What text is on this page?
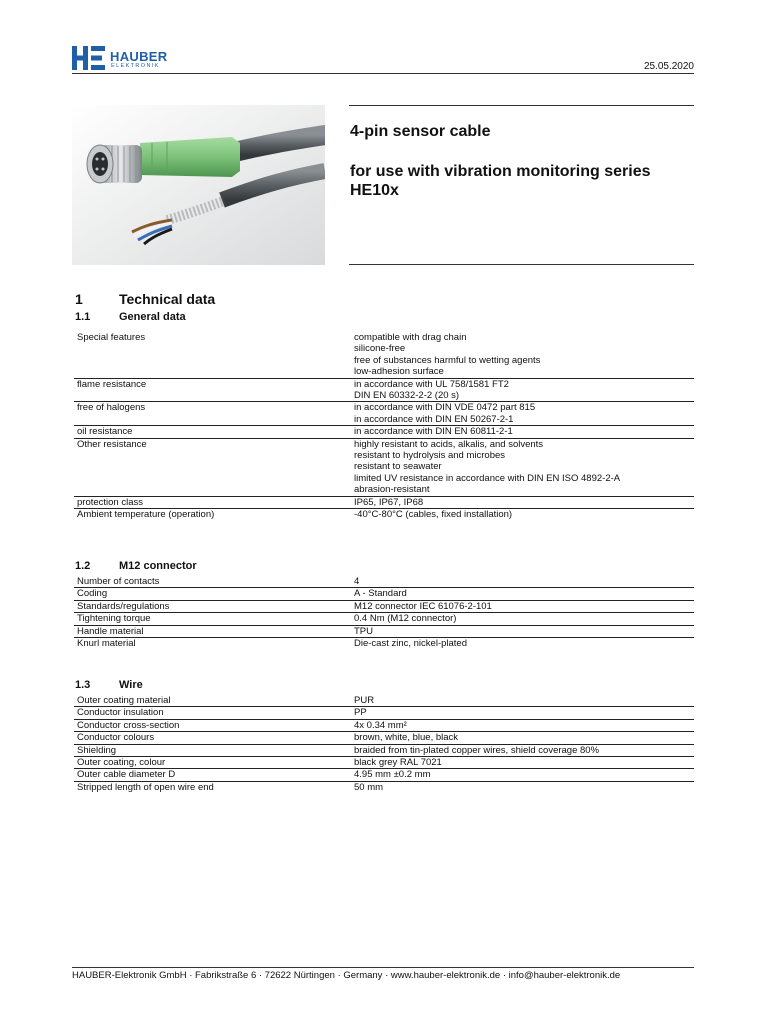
HAUBER
ELEKTRONIK	25.05.2020
4-pin sensor cable
for use with vibration monitoring series HE10x
1	Technical data
1.1	General data
Special features	compatible with drag chain
silicone-free
free of substances harmful to wetting agents
low-adhesion surface

flame resistance	in accordance with UL 758/1581 FT2
DIN EN 60332-2-2 (20 s)

free of halogens	in accordance with DIN VDE 0472 part 815
in accordance with DIN EN 50267-2-1

oil resistance	in accordance with DIN EN 60811-2-1

Other resistance	highly resistant to acids, alkalis, and solvents
resistant to hydrolysis and microbes
resistant to seawater
limited UV resistance in accordance with DIN EN ISO 4892-2-A
abrasion-resistant

protection class	IP65, IP67, IP68

Ambient temperature (operation)	-40°C-80°C (cables, fixed installation)
1.2	M12 connector
Number of contacts	4
Coding	A - Standard
Standards/regulations	M12 connector IEC 61076-2-101
Tightening torque	0.4 Nm (M12 connector)
Handle material	TPU
Knurl material	Die-cast zinc, nickel-plated
1.3	Wire
Outer coating material	PUR
Conductor insulation	PP
Conductor cross-section	4x 0.34 mm²
Conductor colours	brown, white, blue, black
Shielding	braided from tin-plated copper wires, shield coverage 80%
Outer coating, colour	black grey RAL 7021
Outer cable diameter D	4.95 mm ±0.2 mm
Stripped length of open wire end	50 mm
HAUBER-Elektronik GmbH · Fabrikstraße 6 · 72622 Nürtingen · Germany · www.hauber-elektronik.de · info@hauber-elektronik.de
